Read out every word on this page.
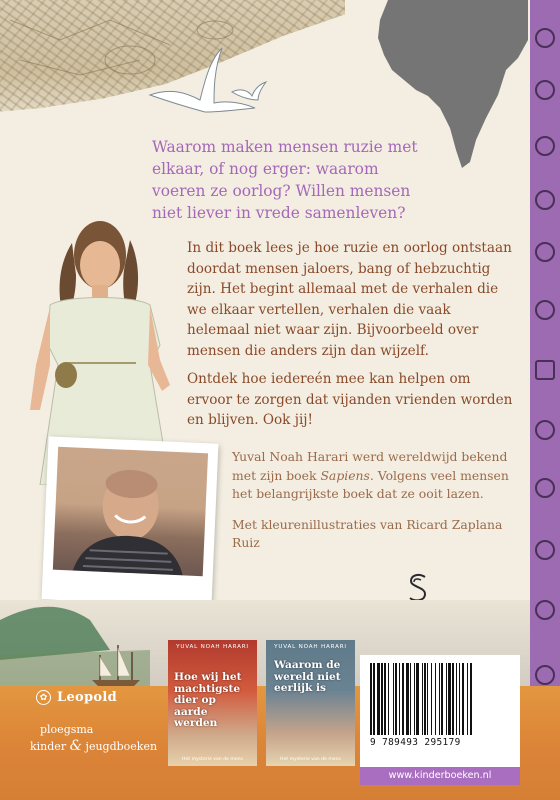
Waarom maken mensen ruzie met elkaar, of nog erger: waarom voeren ze oorlog? Willen mensen niet liever in vrede samenleven?

In dit boek lees je hoe ruzie en oorlog ontstaan doordat mensen jaloers, bang of hebzuchtig zijn. Het begint allemaal met de verhalen die we elkaar vertellen, verhalen die vaak helemaal niet waar zijn. Bijvoorbeeld over mensen die anders zijn dan wijzelf.

Ontdek hoe iedereén mee kan helpen om ervoor te zorgen dat vijanden vrienden worden en blijven. Ook jij!

Yuval Noah Harari werd wereldwijd bekend met zijn boek Sapiens. Volgens veel mensen het belangrijkste boek dat ze ooit lazen.
Met kleurenillustraties van Ricard Zaplana Ruiz
YUVAL NOAH HARARI
Hoe wij het machtigste dier op aarde werden
Het mysterie van de mens
YUVAL NOAH HARARI
Waarom de wereld niet eerlijk is
Het mysterie van de mens
✿ Leopold
ploegsma
kinder & jeugdboeken	9 789493 295179
www.kinderboeken.nl
